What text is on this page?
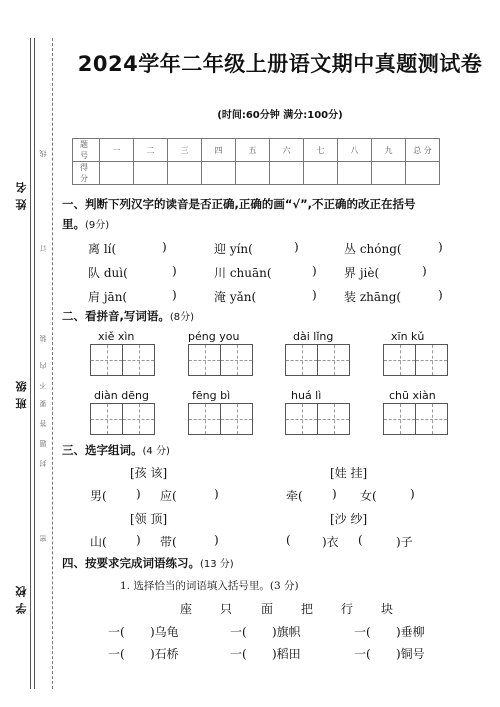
姓名
班级
学校
线
订
装
内
不
要
答
题
封
密
2024学年二年级上册语文期中真题测试卷
(时间:60分钟 满分:100分)
题 号	一	二	三	四	五	六	七	八	九	总 分
得 分										
一、判断下列汉字的读音是否正确,正确的画“√”,不正确的改正在括号
里。(9分)
离 lí(	)	迎 yín(	)	丛 chóng(	)
队 duì(	)	川 chuān(	) 界 jiè(	)
肩 jān(	)	淹 yǎn(	) 装 zhāng(	)
二、看拼音,写词语。(8分)
xiě xìn	péng you	dài lǐng	xīn kǔ
diàn dēng	fēng bì	huá lì	chū xiàn
三、选字组词。(4 分)
[孩 该]	[娃 挂]
男( ) 应(	)	牵( ) 女(	)
[领 顶]	[沙 纱]
山( ) 带(	)	(	)衣 (	)子
四、按要求完成词语练习。(13 分)
1. 选择恰当的词语填入括号里。(3 分)
座 只 面 把 行 块
一( )乌龟	一( )旗帜	一( )垂柳
一( )石桥	一( )稻田	一( )铜号
